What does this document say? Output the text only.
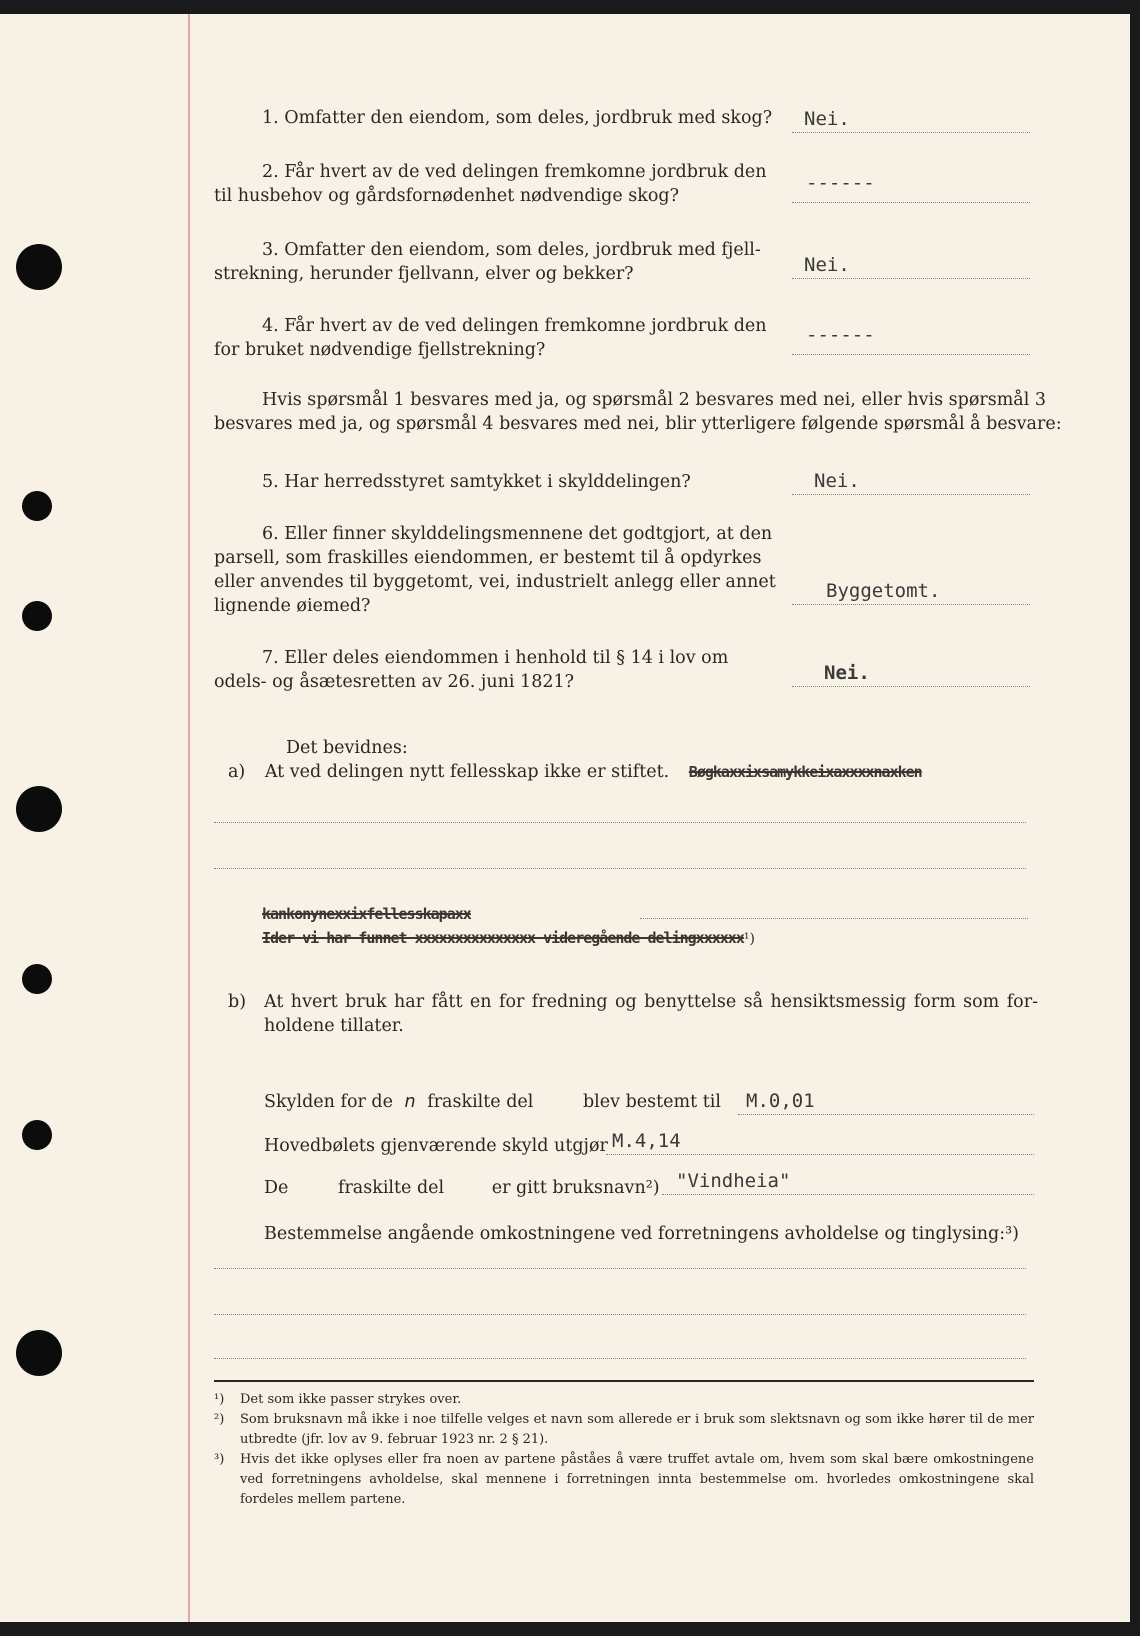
1. Omfatter den eiendom, som deles, jordbruk med skog?	Nei.
2. Får hvert av de ved delingen fremkomne jordbruk den
til husbehov og gårdsfornødenhet nødvendige skog?
------
3. Omfatter den eiendom, som deles, jordbruk med fjell-
strekning, herunder fjellvann, elver og bekker?	Nei.
4. Får hvert av de ved delingen fremkomne jordbruk den
for bruket nødvendige fjellstrekning?
------
Hvis spørsmål 1 besvares med ja, og spørsmål 2 besvares med nei, eller hvis spørsmål 3
besvares med ja, og spørsmål 4 besvares med nei, blir ytterligere følgende spørsmål å besvare:
5. Har herredsstyret samtykket i skylddelingen?	Nei.
6. Eller finner skylddelingsmennene det godtgjort, at den
parsell, som fraskilles eiendommen, er bestemt til å opdyrkes
eller anvendes til byggetomt, vei, industrielt anlegg eller annet
lignende øiemed?
Byggetomt.
7. Eller deles eiendommen i henhold til § 14 i lov om
odels- og åsætesretten av 26. juni 1821?	Nei.
Det bevidnes:
a) At ved delingen nytt fellesskap ikke er stiftet. Bøgkaxxixsamykkeixaxxxxnaxken
kankonynexxixfellesskapaxx
Ider vi har funnet xxxxxxxxxxxxxxx videregående delingxxxxxx¹)
b)	At hvert bruk har fått en for fredning og benyttelse så hensiktsmessig form som for-
holdene tillater.
Skylden for de n fraskilte del	blev bestemt til M.0,01
Hovedbølets gjenværende skyld utgjør M.4,14
De	fraskilte del	er gitt bruksnavn²) "Vindheia"
Bestemmelse angående omkostningene ved forretningens avholdelse og tinglysing:³)
¹)	Det som ikke passer strykes over.
²)	Som bruksnavn må ikke i noe tilfelle velges et navn som allerede er i bruk som slektsnavn og som ikke hører til de mer utbredte (jfr. lov av 9. februar 1923 nr. 2 § 21).
³)	Hvis det ikke oplyses eller fra noen av partene påståes å være truffet avtale om, hvem som skal bære omkostningene ved forretningens avholdelse, skal mennene i forretningen innta bestemmelse om. hvorledes omkostningene skal fordeles mellem partene.
